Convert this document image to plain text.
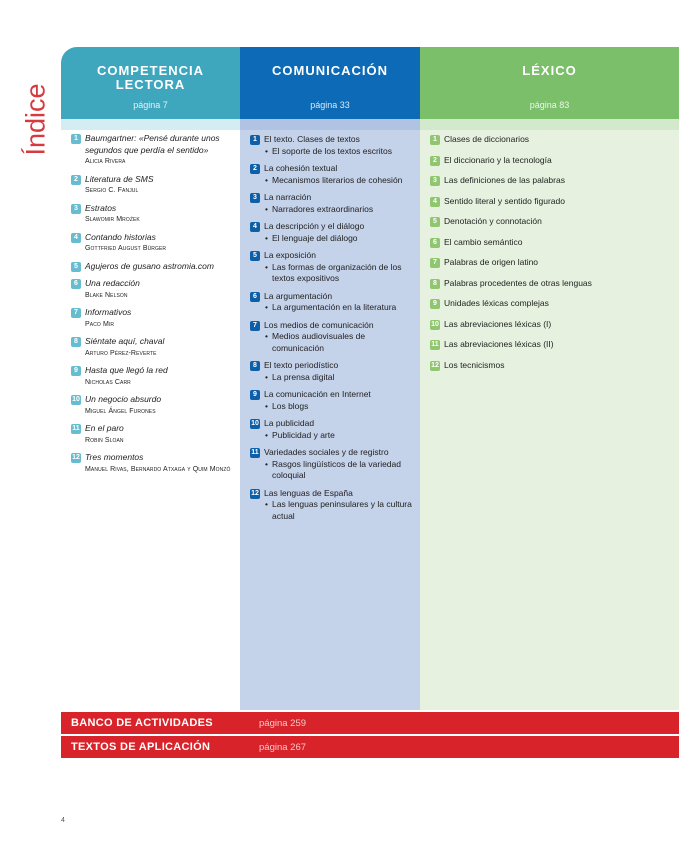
Índice
COMPETENCIA LECTORA
página 7
1 Baumgartner: «Pensé durante unos segundos que perdía el sentido»
Alicia Rivera
2 Literatura de SMS
Sergio C. Fanjul
3 Estratos
Slawomir Mrożek
4 Contando historias
Gottfried August Bürger
5 Agujeros de gusano astromia.com
6 Una redacción
Blake Nelson
7 Informativos
Paco Mir
8 Siéntate aquí, chaval
Arturo Pérez-Reverte
9 Hasta que llegó la red
Nicholas Carr
10 Un negocio absurdo
Miguel Ángel Furones
11 En el paro
Robin Sloan
12 Tres momentos
Manuel Rivas, Bernardo Atxaga y Quim Monzó
COMUNICACIÓN
página 33
1 El texto. Clases de textos
• El soporte de los textos escritos
2 La cohesión textual
• Mecanismos literarios de cohesión
3 La narración
• Narradores extraordinarios
4 La descripción y el diálogo
• El lenguaje del diálogo
5 La exposición
• Las formas de organización de los textos expositivos
6 La argumentación
• La argumentación en la literatura
7 Los medios de comunicación
• Medios audiovisuales de comunicación
8 El texto periodístico
• La prensa digital
9 La comunicación en Internet
• Los blogs
10 La publicidad
• Publicidad y arte
11 Variedades sociales y de registro
• Rasgos lingüísticos de la variedad coloquial
12 Las lenguas de España
• Las lenguas peninsulares y la cultura actual
LÉXICO
página 83
1 Clases de diccionarios
2 El diccionario y la tecnología
3 Las definiciones de las palabras
4 Sentido literal y sentido figurado
5 Denotación y connotación
6 El cambio semántico
7 Palabras de origen latino
8 Palabras procedentes de otras lenguas
9 Unidades léxicas complejas
10 Las abreviaciones léxicas (I)
11 Las abreviaciones léxicas (II)
12 Los tecnicismos
BANCO DE ACTIVIDADES	página 259
TEXTOS DE APLICACIÓN	página 267
4
